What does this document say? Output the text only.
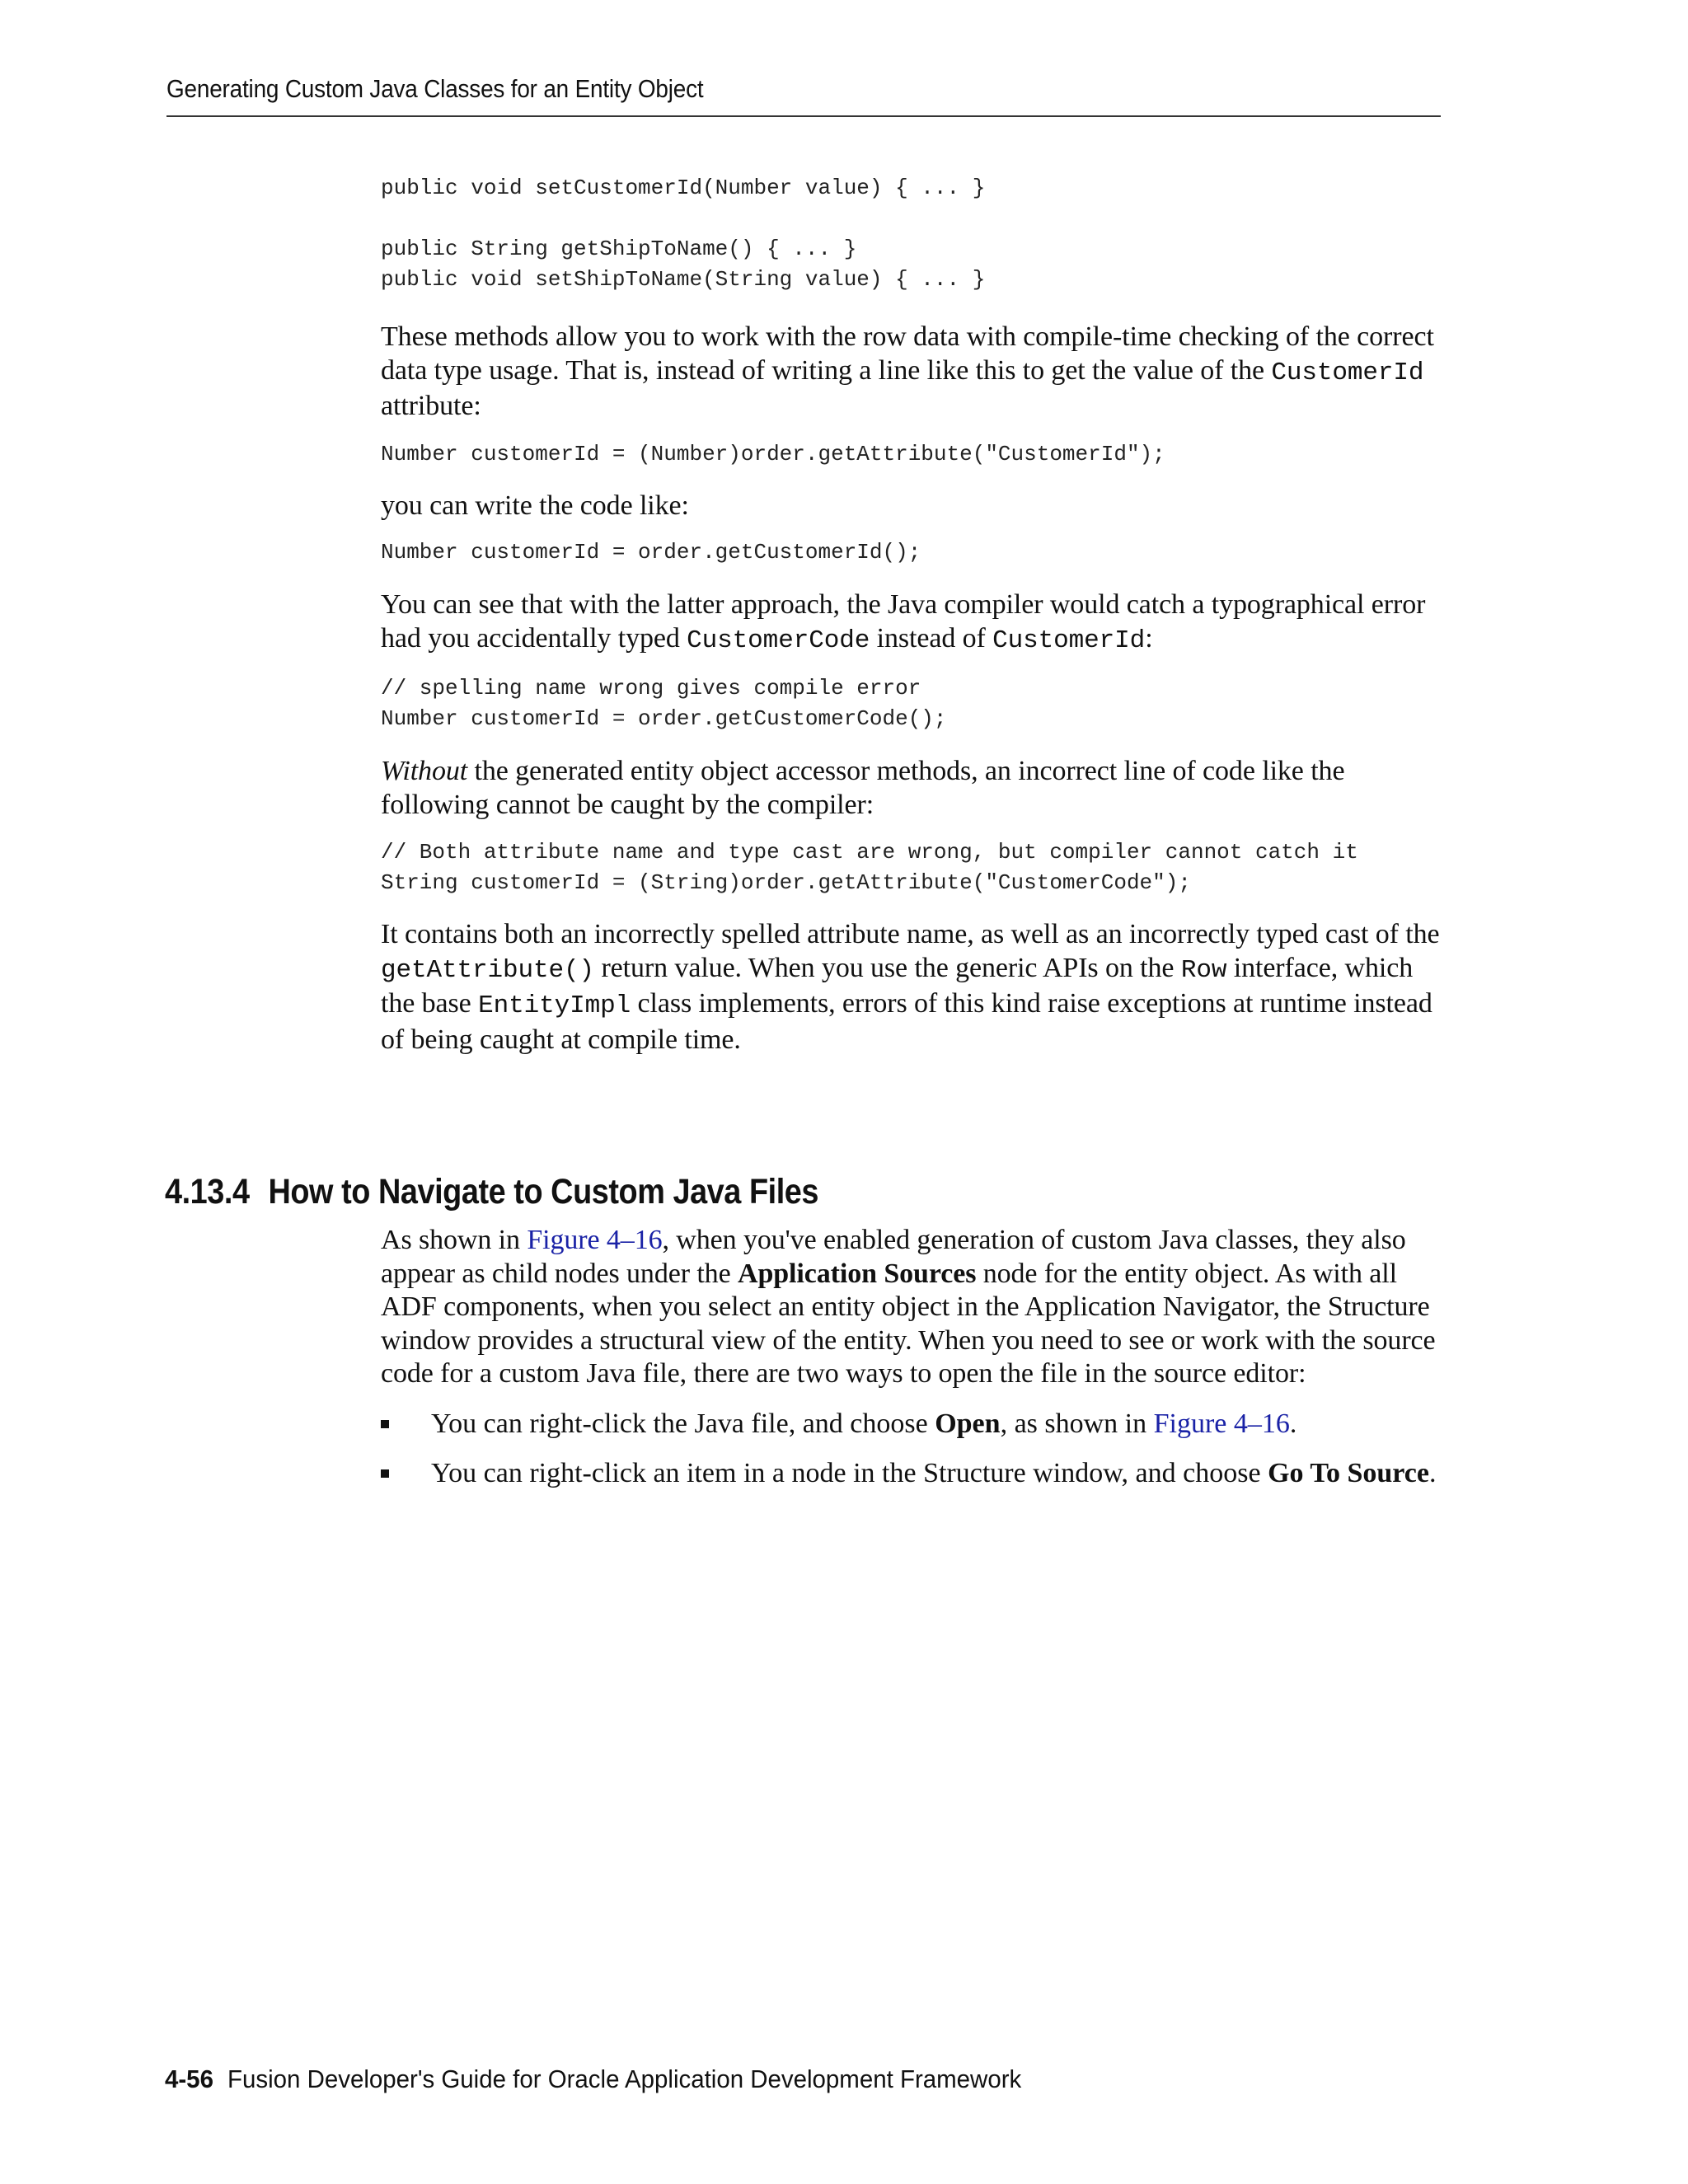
Generating Custom Java Classes for an Entity Object
public void setCustomerId(Number value) { ... }

public String getShipToName() { ... }
public void setShipToName(String value) { ... }

These methods allow you to work with the row data with compile-time checking of the correct data type usage. That is, instead of writing a line like this to get the value of the CustomerId attribute:

Number customerId = (Number)order.getAttribute("CustomerId");

you can write the code like:

Number customerId = order.getCustomerId();

You can see that with the latter approach, the Java compiler would catch a typographical error had you accidentally typed CustomerCode instead of CustomerId:

// spelling name wrong gives compile error
Number customerId = order.getCustomerCode();

Without the generated entity object accessor methods, an incorrect line of code like the following cannot be caught by the compiler:

// Both attribute name and type cast are wrong, but compiler cannot catch it
String customerId = (String)order.getAttribute("CustomerCode");

It contains both an incorrectly spelled attribute name, as well as an incorrectly typed cast of the getAttribute() return value. When you use the generic APIs on the Row interface, which the base EntityImpl class implements, errors of this kind raise exceptions at runtime instead of being caught at compile time.

4.13.4 How to Navigate to Custom Java Files

As shown in Figure 4–16, when you've enabled generation of custom Java classes, they also appear as child nodes under the Application Sources node for the entity object. As with all ADF components, when you select an entity object in the Application Navigator, the Structure window provides a structural view of the entity. When you need to see or work with the source code for a custom Java file, there are two ways to open the file in the source editor:

You can right-click the Java file, and choose Open, as shown in Figure 4–16.
You can right-click an item in a node in the Structure window, and choose Go To Source.
4-56 Fusion Developer's Guide for Oracle Application Development Framework
